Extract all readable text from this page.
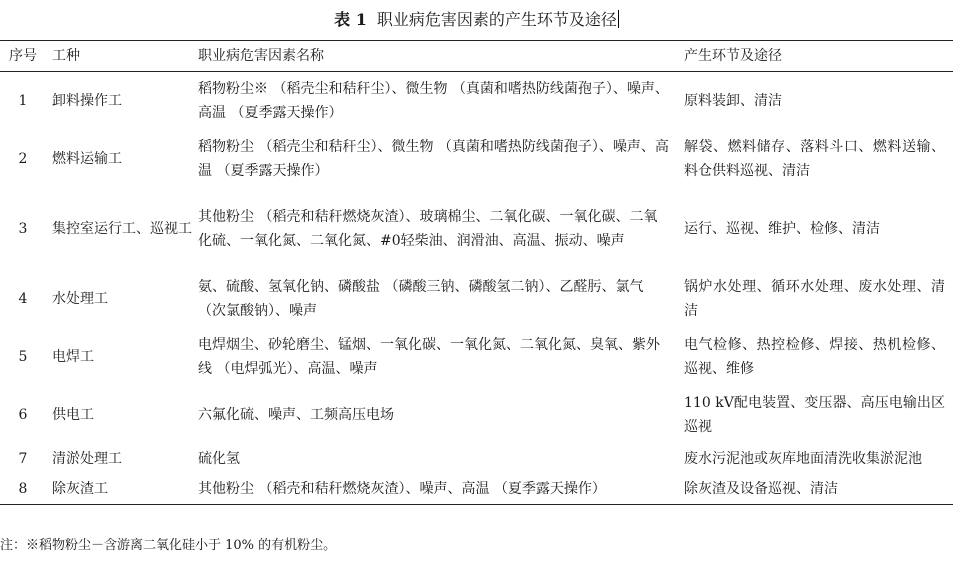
表 1 职业病危害因素的产生环节及途径
序号	工种	职业病危害因素名称	产生环节及途径
1	卸料操作工	稻物粉尘※ （稻壳尘和秸秆尘）、微生物 （真菌和嗜热防线菌孢子）、噪声、高温 （夏季露天操作）	原料装卸、清洁
2	燃料运输工	稻物粉尘 （稻壳尘和秸秆尘）、微生物 （真菌和嗜热防线菌孢子）、噪声、高温 （夏季露天操作）	解袋、燃料储存、落料斗口、燃料送输、料仓供料巡视、清洁
3	集控室运行工、巡视工	其他粉尘 （稻壳和秸秆燃烧灰渣）、玻璃棉尘、二氧化碳、一氧化碳、二氧化硫、一氧化氮、二氧化氮、#0轻柴油、润滑油、高温、振动、噪声	运行、巡视、维护、检修、清洁
4	水处理工	氨、硫酸、氢氧化钠、磷酸盐 （磷酸三钠、磷酸氢二钠）、乙醛肟、氯气 （次氯酸钠）、噪声	锅炉水处理、循环水处理、废水处理、清洁
5	电焊工	电焊烟尘、砂轮磨尘、锰烟、一氧化碳、一氧化氮、二氧化氮、臭氧、紫外线 （电焊弧光）、高温、噪声	电气检修、热控检修、焊接、热机检修、巡视、维修
6	供电工	六氟化硫、噪声、工频高压电场	110 kV配电装置、变压器、高压电输出区巡视
7	清淤处理工	硫化氢	废水污泥池或灰库地面清洗收集淤泥池
8	除灰渣工	其他粉尘 （稻壳和秸秆燃烧灰渣）、噪声、高温 （夏季露天操作）	除灰渣及设备巡视、清洁
注：※稻物粉尘－含游离二氧化硅小于 10% 的有机粉尘。
